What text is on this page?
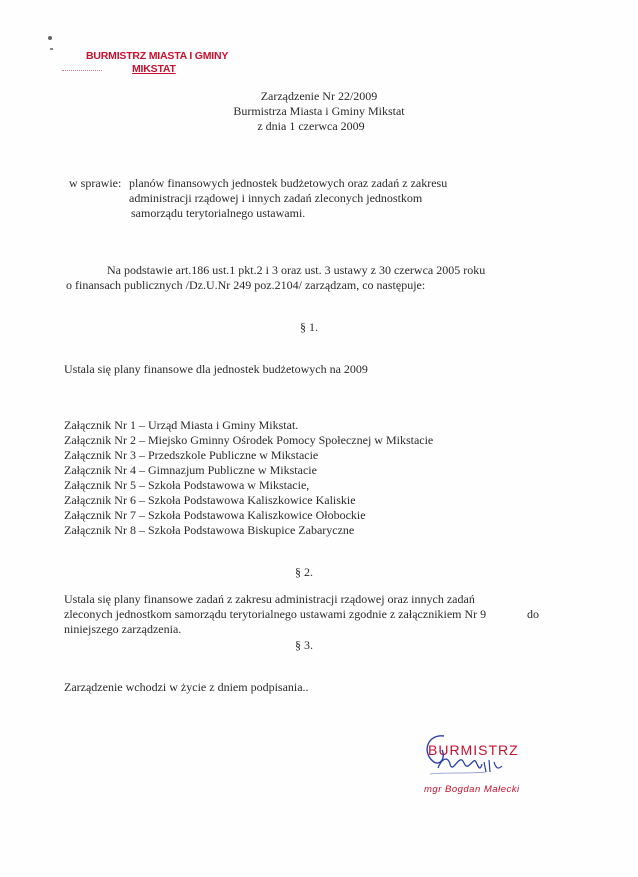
BURMISTRZ MIASTA I GMINY
MIKSTAT
Zarządzenie Nr 22/2009
Burmistrza Miasta i Gminy Mikstat
z dnia 1 czerwca 2009
w sprawie: planów finansowych jednostek budżetowych oraz zadań z zakresu
administracji rządowej i innych zadań zleconych jednostkom
samorządu terytorialnego ustawami.
Na podstawie art.186 ust.1 pkt.2 i 3 oraz ust. 3 ustawy z 30 czerwca 2005 roku
o finansach publicznych /Dz.U.Nr 249 poz.2104/ zarządzam, co następuje:
§ 1.
Ustala się plany finansowe dla jednostek budżetowych na 2009
Załącznik Nr 1 – Urząd Miasta i Gminy Mikstat.
Załącznik Nr 2 – Miejsko Gminny Ośrodek Pomocy Społecznej w Mikstacie
Załącznik Nr 3 – Przedszkole Publiczne w Mikstacie
Załącznik Nr 4 – Gimnazjum Publiczne w Mikstacie
Załącznik Nr 5 – Szkoła Podstawowa w Mikstacie,
Załącznik Nr 6 – Szkoła Podstawowa Kaliszkowice Kaliskie
Załącznik Nr 7 – Szkoła Podstawowa Kaliszkowice Ołobockie
Załącznik Nr 8 – Szkoła Podstawowa Biskupice Zabaryczne
§ 2.
Ustala się plany finansowe zadań z zakresu administracji rządowej oraz innych zadań
zleconych jednostkom samorządu terytorialnego ustawami zgodnie z załącznikiem Nr 9	do
niniejszego zarządzenia.
§ 3.
Zarządzenie wchodzi w życie z dniem podpisania..
BURMISTRZ
mgr Bogdan Małecki
